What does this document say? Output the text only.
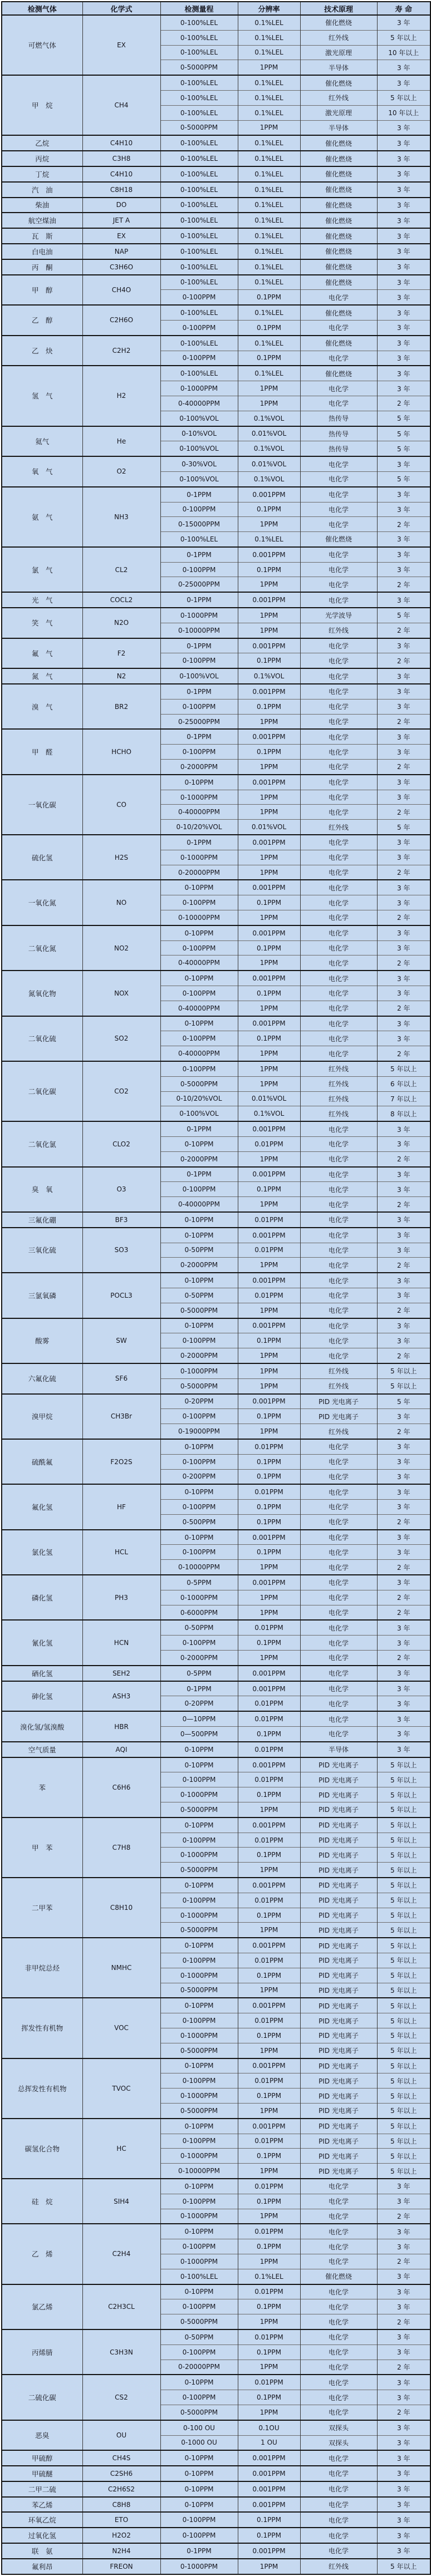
检测气体	化学式	检测量程	分辨率	技术原理	寿 命
可燃气体	EX	0-100%LEL	0.1%LEL	催化燃烧	3 年
		0-100%LEL	0.1%LEL	红外线	5 年以上
		0-100%LEL	0.1%LEL	激光原理	10 年以上
		0-5000PPM	1PPM	半导体	3 年
甲　烷	CH4	0-100%LEL	0.1%LEL	催化燃烧	3 年
		0-100%LEL	0.1%LEL	红外线	5 年以上
		0-100%LEL	0.1%LEL	激光原理	10 年以上
		0-5000PPM	1PPM	半导体	3 年
乙烷	C4H10	0-100%LEL	0.1%LEL	催化燃烧	3 年
丙烷	C3H8	0-100%LEL	0.1%LEL	催化燃烧	3 年
丁烷	C4H10	0-100%LEL	0.1%LEL	催化燃烧	3 年
汽　油	C8H18	0-100%LEL	0.1%LEL	催化燃烧	3 年
柴油	DO	0-100%LEL	0.1%LEL	催化燃烧	3 年
航空煤油	JET A	0-100%LEL	0.1%LEL	催化燃烧	3 年
瓦　斯	EX	0-100%LEL	0.1%LEL	催化燃烧	3 年
白电油	NAP	0-100%LEL	0.1%LEL	催化燃烧	3 年
丙　酮	C3H6O	0-100%LEL	0.1%LEL	催化燃烧	3 年
甲　醇	CH4O	0-100%LEL	0.1%LEL	催化燃烧	3 年
		0-100PPM	0.1PPM	电化学	3 年
乙　醇	C2H6O	0-100%LEL	0.1%LEL	催化燃烧	3 年
		0-100PPM	0.1PPM	电化学	3 年
乙　炔	C2H2	0-100%LEL	0.1%LEL	催化燃烧	3 年
		0-100PPM	0.1PPM	电化学	3 年
氢　气	H2	0-100%LEL	0.1%LEL	催化燃烧	3 年
		0-1000PPM	1PPM	电化学	3 年
		0-40000PPM	1PPM	电化学	2 年
		0-100%VOL	0.1%VOL	热传导	5 年
氦气	He	0-10%VOL	0.01%VOL	热传导	5 年
		0-100%VOL	0.1%VOL	热传导	5 年
氧　气	O2	0-30%VOL	0.01%VOL	电化学	3 年
		0-100%VOL	0.1%VOL	电化学	5 年
氨　气	NH3	0-1PPM	0.001PPM	电化学	3 年
		0-100PPM	0.1PPM	电化学	3 年
		0-15000PPM	1PPM	电化学	2 年
		0-100%LEL	0.1%LEL	催化燃烧	3 年
氯　气	CL2	0-1PPM	0.001PPM	电化学	3 年
		0-100PPM	0.1PPM	电化学	3 年
		0-25000PPM	1PPM	电化学	2 年
光　气	COCL2	0-1PPM	0.001PPM	电化学	3 年
笑　气	N2O	0-1000PPM	1PPM	光学波导	5 年
		0-10000PPM	1PPM	红外线	2 年
氟　气	F2	0-1PPM	0.001PPM	电化学	3 年
		0-100PPM	0.1PPM	电化学	2 年
氮　气	N2	0-100%VOL	0.1%VOL	电化学	3 年
溴　气	BR2	0-1PPM	0.001PPM	电化学	3 年
		0-100PPM	0.1PPM	电化学	3 年
		0-25000PPM	1PPM	电化学	2 年
甲　醛	HCHO	0-1PPM	0.001PPM	电化学	3 年
		0-100PPM	0.1PPM	电化学	3 年
		0-2000PPM	1PPM	电化学	2 年
一氧化碳	CO	0-10PPM	0.001PPM	电化学	3 年
		0-1000PPM	1PPM	电化学	3 年
		0-40000PPM	1PPM	电化学	2 年
		0-10/20%VOL	0.01%VOL	红外线	5 年
硫化氢	H2S	0-1PPM	0.001PPM	电化学	3 年
		0-1000PPM	1PPM	电化学	3 年
		0-20000PPM	1PPM	电化学	2 年
一氧化氮	NO	0-10PPM	0.001PPM	电化学	3 年
		0-100PPM	0.1PPM	电化学	3 年
		0-10000PPM	1PPM	电化学	2 年
二氧化氮	NO2	0-10PPM	0.001PPM	电化学	3 年
		0-100PPM	0.1PPM	电化学	3 年
		0-40000PPM	1PPM	电化学	2 年
氮氧化物	NOX	0-10PPM	0.001PPM	电化学	3 年
		0-100PPM	0.1PPM	电化学	3 年
		0-40000PPM	1PPM	电化学	2 年
二氧化硫	SO2	0-10PPM	0.001PPM	电化学	3 年
		0-100PPM	0.1PPM	电化学	3 年
		0-40000PPM	1PPM	电化学	2 年
二氧化碳	CO2	0-100PPM	1PPM	红外线	5 年以上
		0-5000PPM	1PPM	红外线	6 年以上
		0-10/20%VOL	0.01%VOL	红外线	7 年以上
		0-100%VOL	0.1%VOL	红外线	8 年以上
二氧化氯	CLO2	0-1PPM	0.001PPM	电化学	3 年
		0-10PPM	0.01PPM	电化学	3 年
		0-2000PPM	1PPM	电化学	2 年
臭　氧	O3	0-1PPM	0.001PPM	电化学	3 年
		0-100PPM	0.1PPM	电化学	3 年
		0-40000PPM	1PPM	电化学	2 年
三氟化硼	BF3	0-10PPM	0.01PPM	电化学	3 年
三氧化硫	SO3	0-10PPM	0.001PPM	电化学	3 年
		0-50PPM	0.01PPM	电化学	3 年
		0-2000PPM	1PPM	电化学	2 年
三氯氧磷	POCL3	0-10PPM	0.001PPM	电化学	3 年
		0-50PPM	0.01PPM	电化学	3 年
		0-5000PPM	1PPM	电化学	2 年
酸雾	SW	0-10PPM	0.001PPM	电化学	3 年
		0-100PPM	0.1PPM	电化学	3 年
		0-2000PPM	1PPM	电化学	2 年
六氟化硫	SF6	0-1000PPM	1PPM	红外线	5 年以上
		0-5000PPM	1PPM	红外线	5 年以上
溴甲烷	CH3Br	0-20PPM	0.001PPM	PID 光电离子	5 年
		0-100PPM	0.1PPM	PID 光电离子	3 年
		0-19000PPM	1PPM	红外线	2 年
硫酰氟	F2O2S	0-10PPM	0.01PPM	电化学	3 年
		0-100PPM	0.1PPM	电化学	3 年
		0-200PPM	0.1PPM	电化学	3 年
氟化氢	HF	0-10PPM	0.01PPM	电化学	3 年
		0-100PPM	0.1PPM	电化学	3 年
		0-500PPM	0.1PPM	电化学	2 年
氯化氢	HCL	0-10PPM	0.001PPM	电化学	3 年
		0-100PPM	0.1PPM	电化学	3 年
		0-10000PPM	1PPM	电化学	2 年
磷化氢	PH3	0-5PPM	0.001PPM	电化学	3 年
		0-1000PPM	1PPM	电化学	2 年
		0-6000PPM	1PPM	电化学	2 年
氰化氢	HCN	0-50PPM	0.01PPM	电化学	3 年
		0-100PPM	0.1PPM	电化学	3 年
		0-2000PPM	1PPM	电化学	2 年
硒化氢	SEH2	0-5PPM	0.001PPM	电化学	3 年
砷化氢	ASH3	0-1PPM	0.001PPM	电化学	3 年
		0-20PPM	0.01PPM	电化学	3 年
溴化氢/氢溴酸	HBR	0—10PPM	0.01PPM	电化学	3 年
		0—500PPM	0.1PPM	电化学	3 年
空气质量	AQI	0-10PPM	0.01PPM	半导体	3 年
苯	C6H6	0-10PPM	0.001PPM	PID 光电离子	5 年以上
		0-100PPM	0.01PPM	PID 光电离子	5 年以上
		0-1000PPM	0.1PPM	PID 光电离子	5 年以上
		0-5000PPM	1PPM	PID 光电离子	5 年以上
甲　苯	C7H8	0-10PPM	0.001PPM	PID 光电离子	5 年以上
		0-100PPM	0.01PPM	PID 光电离子	5 年以上
		0-1000PPM	0.1PPM	PID 光电离子	5 年以上
		0-5000PPM	1PPM	PID 光电离子	5 年以上
二甲苯	C8H10	0-10PPM	0.001PPM	PID 光电离子	5 年以上
		0-100PPM	0.01PPM	PID 光电离子	5 年以上
		0-1000PPM	0.1PPM	PID 光电离子	5 年以上
		0-5000PPM	1PPM	PID 光电离子	5 年以上
非甲烷总烃	NMHC	0-10PPM	0.001PPM	PID 光电离子	5 年以上
		0-100PPM	0.01PPM	PID 光电离子	5 年以上
		0-1000PPM	0.1PPM	PID 光电离子	5 年以上
		0-5000PPM	1PPM	PID 光电离子	5 年以上
挥发性有机物	VOC	0-10PPM	0.001PPM	PID 光电离子	5 年以上
		0-100PPM	0.01PPM	PID 光电离子	5 年以上
		0-1000PPM	0.1PPM	PID 光电离子	5 年以上
		0-5000PPM	1PPM	PID 光电离子	5 年以上
总挥发性有机物	TVOC	0-10PPM	0.001PPM	PID 光电离子	5 年以上
		0-100PPM	0.01PPM	PID 光电离子	5 年以上
		0-1000PPM	0.1PPM	PID 光电离子	5 年以上
		0-5000PPM	1PPM	PID 光电离子	5 年以上
碳氢化合物	HC	0-10PPM	0.001PPM	PID 光电离子	5 年以上
		0-100PPM	0.01PPM	PID 光电离子	5 年以上
		0-1000PPM	0.1PPM	PID 光电离子	5 年以上
		0-10000PPM	1PPM	PID 光电离子	5 年以上
硅　烷	SIH4	0-10PPM	0.01PPM	电化学	3 年
		0-100PPM	0.1PPM	电化学	3 年
		0-1000PPM	1PPM	电化学	2 年
乙　烯	C2H4	0-10PPM	0.01PPM	电化学	3 年
		0-100PPM	0.1PPM	电化学	3 年
		0-1000PPM	1PPM	电化学	2 年
		0-100%LEL	0.1%LEL	催化燃烧	3 年
氯乙烯	C2H3CL	0-10PPM	0.01PPM	电化学	3 年
		0-100PPM	0.1PPM	电化学	3 年
		0-5000PPM	1PPM	电化学	2 年
丙烯腈	C3H3N	0-50PPM	0.01PPM	电化学	3 年
		0-100PPM	0.1PPM	电化学	3 年
		0-20000PPM	1PPM	电化学	2 年
二硫化碳	CS2	0-10PPM	0.01PPM	电化学	3 年
		0-100PPM	0.1PPM	电化学	3 年
		0-5000PPM	1PPM	电化学	2 年
恶臭	OU	0-100 OU	0.1OU	双探头	3 年
		0-1000 OU	1 OU	双探头	3 年
甲硫醇	CH4S	0-10PPM	0.001PPM	电化学	3 年
甲硫醚	C2SH6	0-10PPM	0.001PPM	电化学	3 年
二甲二硫	C2H6S2	0-10PPM	0.001PPM	电化学	3 年
苯乙烯	C8H8	0-10PPM	0.001PPM	电化学	3 年
环氧乙烷	ETO	0-100PPM	0.1PPM	电化学	3 年
过氧化氢	H2O2	0-100PPM	0.1PPM	电化学	3 年
联　氨	N2H4	0-1PPM	0.001PPM	电化学	3 年
氟利昂	FREON	0-1000PPM	1PPM	红外线	5 年以上
